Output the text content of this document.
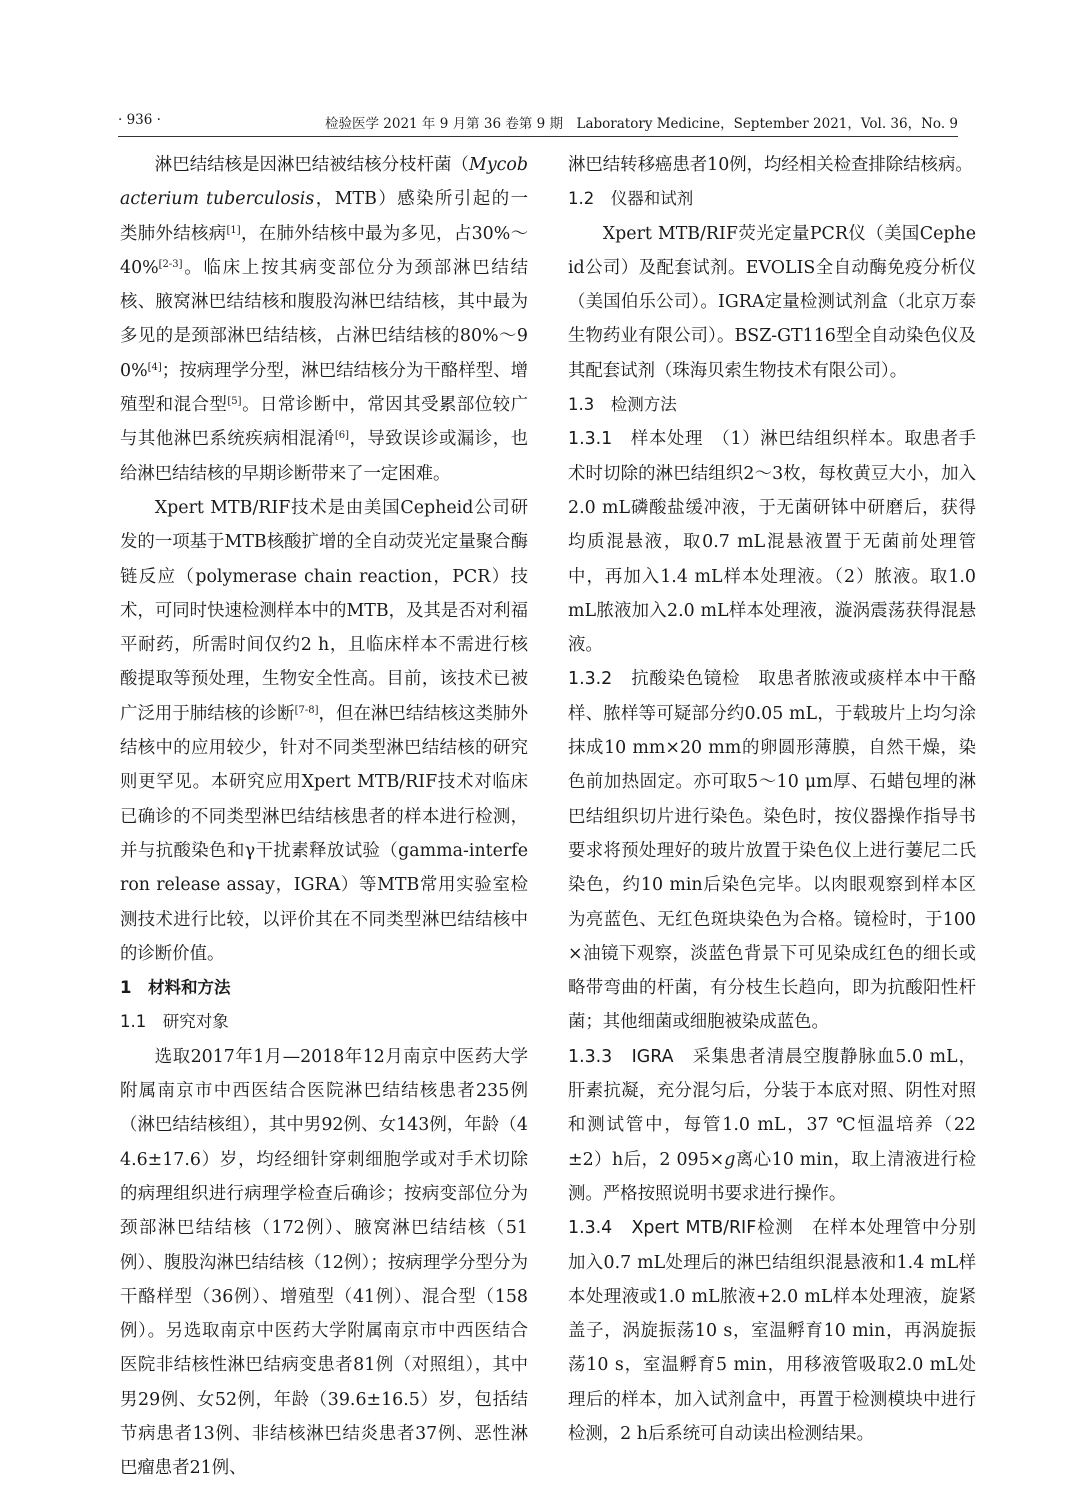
· 936 ·	检验医学 2021 年 9 月第 36 卷第 9 期　Laboratory Medicine，September 2021，Vol. 36，No. 9

淋巴结结核是因淋巴结被结核分枝杆菌（Mycobacterium tuberculosis，MTB）感染所引起的一类肺外结核病[1]，在肺外结核中最为多见，占30%～40%[2-3]。临床上按其病变部位分为颈部淋巴结结核、腋窝淋巴结结核和腹股沟淋巴结结核，其中最为多见的是颈部淋巴结结核，占淋巴结结核的80%～90%[4]；按病理学分型，淋巴结结核分为干酪样型、增殖型和混合型[5]。日常诊断中，常因其受累部位较广与其他淋巴系统疾病相混淆[6]，导致误诊或漏诊，也给淋巴结结核的早期诊断带来了一定困难。

Xpert MTB/RIF技术是由美国Cepheid公司研发的一项基于MTB核酸扩增的全自动荧光定量聚合酶链反应（polymerase chain reaction，PCR）技术，可同时快速检测样本中的MTB，及其是否对利福平耐药，所需时间仅约2 h，且临床样本不需进行核酸提取等预处理，生物安全性高。目前，该技术已被广泛用于肺结核的诊断[7-8]，但在淋巴结结核这类肺外结核中的应用较少，针对不同类型淋巴结结核的研究则更罕见。本研究应用Xpert MTB/RIF技术对临床已确诊的不同类型淋巴结结核患者的样本进行检测，并与抗酸染色和γ干扰素释放试验（gamma-interferon release assay，IGRA）等MTB常用实验室检测技术进行比较，以评价其在不同类型淋巴结结核中的诊断价值。

1　材料和方法

1.1　研究对象

选取2017年1月—2018年12月南京中医药大学附属南京市中西医结合医院淋巴结结核患者235例（淋巴结结核组），其中男92例、女143例，年龄（44.6±17.6）岁，均经细针穿刺细胞学或对手术切除的病理组织进行病理学检查后确诊；按病变部位分为颈部淋巴结结核（172例）、腋窝淋巴结结核（51例）、腹股沟淋巴结结核（12例）；按病理学分型分为干酪样型（36例）、增殖型（41例）、混合型（158例）。另选取南京中医药大学附属南京市中西医结合医院非结核性淋巴结病变患者81例（对照组），其中男29例、女52例，年龄（39.6±16.5）岁，包括结节病患者13例、非结核淋巴结炎患者37例、恶性淋巴瘤患者21例、

淋巴结转移癌患者10例，均经相关检查排除结核病。

1.2　仪器和试剂

Xpert MTB/RIF荧光定量PCR仪（美国Cepheid公司）及配套试剂。EVOLIS全自动酶免疫分析仪（美国伯乐公司）。IGRA定量检测试剂盒（北京万泰生物药业有限公司）。BSZ-GT116型全自动染色仪及其配套试剂（珠海贝索生物技术有限公司）。

1.3　检测方法

1.3.1　样本处理　 （1）淋巴结组织样本。取患者手术时切除的淋巴结组织2～3枚，每枚黄豆大小，加入2.0 mL磷酸盐缓冲液，于无菌研钵中研磨后，获得均质混悬液，取0.7 mL混悬液置于无菌前处理管中，再加入1.4 mL样本处理液。（2）脓液。取1.0 mL脓液加入2.0 mL样本处理液，漩涡震荡获得混悬液。

1.3.2　抗酸染色镜检　 取患者脓液或痰样本中干酪样、脓样等可疑部分约0.05 mL，于载玻片上均匀涂抹成10 mm×20 mm的卵圆形薄膜，自然干燥，染色前加热固定。亦可取5～10 μm厚、石蜡包埋的淋巴结组织切片进行染色。染色时，按仪器操作指导书要求将预处理好的玻片放置于染色仪上进行萋尼二氏染色，约10 min后染色完毕。以肉眼观察到样本区为亮蓝色、无红色斑块染色为合格。镜检时，于100×油镜下观察，淡蓝色背景下可见染成红色的细长或略带弯曲的杆菌，有分枝生长趋向，即为抗酸阳性杆菌；其他细菌或细胞被染成蓝色。

1.3.3　IGRA　 采集患者清晨空腹静脉血5.0 mL，肝素抗凝，充分混匀后，分装于本底对照、阴性对照和测试管中，每管1.0 mL，37 ℃恒温培养（22±2）h后，2 095×g离心10 min，取上清液进行检测。严格按照说明书要求进行操作。

1.3.4　Xpert MTB/RIF检测　 在样本处理管中分别加入0.7 mL处理后的淋巴结组织混悬液和1.4 mL样本处理液或1.0 mL脓液+2.0 mL样本处理液，旋紧盖子，涡旋振荡10 s，室温孵育10 min，再涡旋振荡10 s，室温孵育5 min，用移液管吸取2.0 mL处理后的样本，加入试剂盒中，再置于检测模块中进行检测，2 h后系统可自动读出检测结果。
